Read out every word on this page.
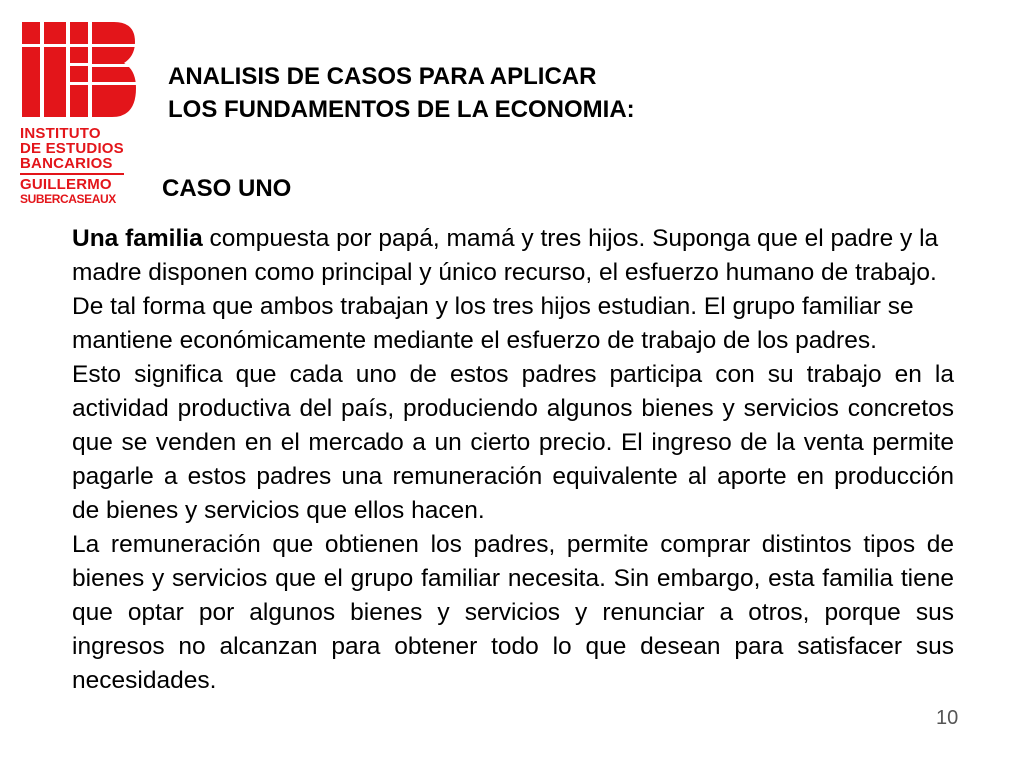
INSTITUTO
DE ESTUDIOS
BANCARIOS
GUILLERMO
SUBERCASEAUX
ANALISIS DE CASOS PARA APLICAR
LOS FUNDAMENTOS DE LA ECONOMIA:
CASO UNO

Una familia compuesta por papá, mamá y tres hijos. Suponga que el padre y la madre disponen como principal y único recurso, el esfuerzo humano de trabajo. De tal forma que ambos trabajan y los tres hijos estudian. El grupo familiar se mantiene económicamente mediante el esfuerzo de trabajo de los padres.

Esto significa que cada uno de estos padres participa con su trabajo en la actividad productiva del país, produciendo algunos bienes y servicios concretos que se venden en el mercado a un cierto precio. El ingreso de la venta permite pagarle a estos padres una remuneración equivalente al aporte en producción de bienes y servicios que ellos hacen.

La remuneración que obtienen los padres, permite comprar distintos tipos de bienes y servicios que el grupo familiar necesita. Sin embargo, esta familia tiene que optar por algunos bienes y servicios y renunciar a otros, porque sus ingresos no alcanzan para obtener todo lo que desean para satisfacer sus necesidades.

10
